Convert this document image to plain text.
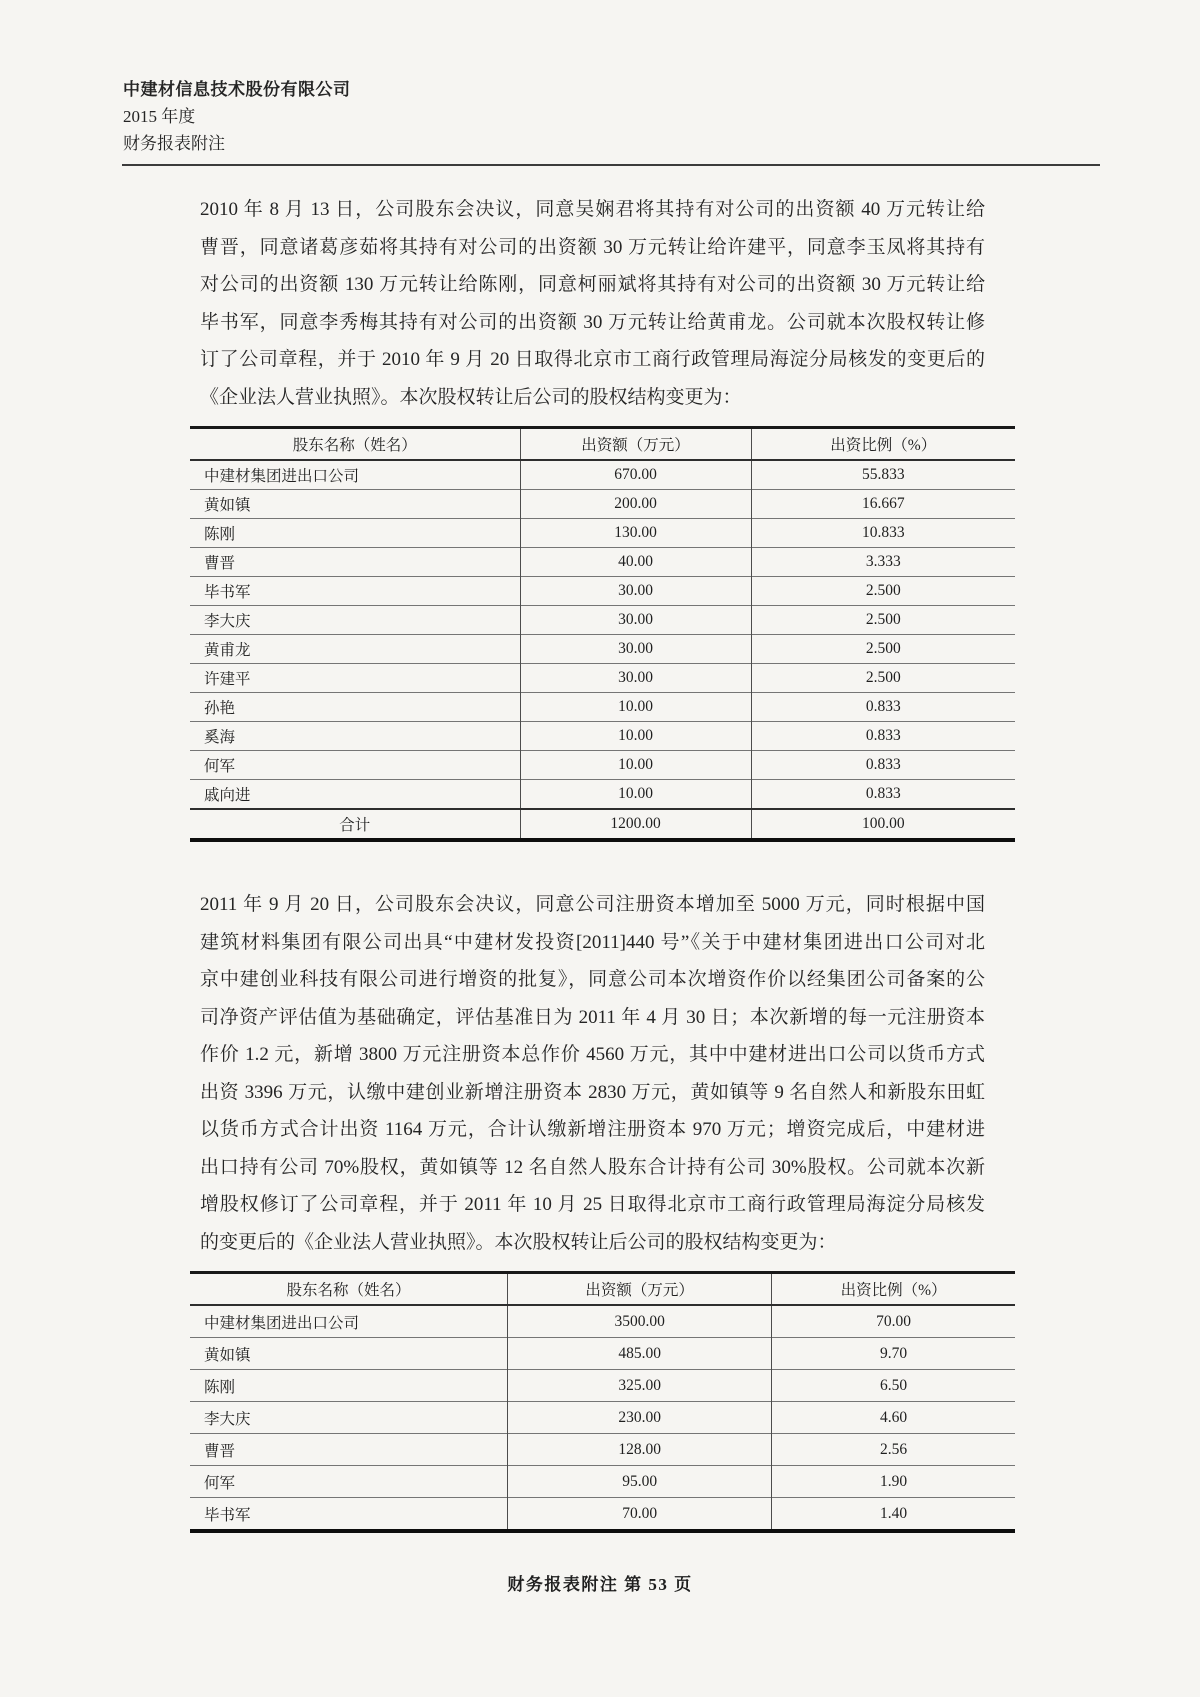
中建材信息技术股份有限公司
2015 年度
财务报表附注
2010 年 8 月 13 日，公司股东会决议，同意吴娴君将其持有对公司的出资额 40 万元转让给
曹晋，同意诸葛彦茹将其持有对公司的出资额 30 万元转让给许建平，同意李玉凤将其持有
对公司的出资额 130 万元转让给陈刚，同意柯丽斌将其持有对公司的出资额 30 万元转让给
毕书军，同意李秀梅其持有对公司的出资额 30 万元转让给黄甫龙。公司就本次股权转让修
订了公司章程，并于 2010 年 9 月 20 日取得北京市工商行政管理局海淀分局核发的变更后的
《企业法人营业执照》。本次股权转让后公司的股权结构变更为：
股东名称（姓名）	出资额（万元）	出资比例（%）
中建材集团进出口公司	670.00	55.833
黄如镇	200.00	16.667
陈刚	130.00	10.833
曹晋	40.00	3.333
毕书军	30.00	2.500
李大庆	30.00	2.500
黄甫龙	30.00	2.500
许建平	30.00	2.500
孙艳	10.00	0.833
奚海	10.00	0.833
何军	10.00	0.833
戚向进	10.00	0.833
合计	1200.00	100.00
2011 年 9 月 20 日，公司股东会决议，同意公司注册资本增加至 5000 万元，同时根据中国
建筑材料集团有限公司出具“中建材发投资[2011]440 号”《关于中建材集团进出口公司对北
京中建创业科技有限公司进行增资的批复》，同意公司本次增资作价以经集团公司备案的公
司净资产评估值为基础确定，评估基准日为 2011 年 4 月 30 日；本次新增的每一元注册资本
作价 1.2 元，新增 3800 万元注册资本总作价 4560 万元，其中中建材进出口公司以货币方式
出资 3396 万元，认缴中建创业新增注册资本 2830 万元，黄如镇等 9 名自然人和新股东田虹
以货币方式合计出资 1164 万元，合计认缴新增注册资本 970 万元；增资完成后，中建材进
出口持有公司 70%股权，黄如镇等 12 名自然人股东合计持有公司 30%股权。公司就本次新
增股权修订了公司章程，并于 2011 年 10 月 25 日取得北京市工商行政管理局海淀分局核发
的变更后的《企业法人营业执照》。本次股权转让后公司的股权结构变更为：
股东名称（姓名）	出资额（万元）	出资比例（%）
中建材集团进出口公司	3500.00	70.00
黄如镇	485.00	9.70
陈刚	325.00	6.50
李大庆	230.00	4.60
曹晋	128.00	2.56
何军	95.00	1.90
毕书军	70.00	1.40
财务报表附注 第 53 页
